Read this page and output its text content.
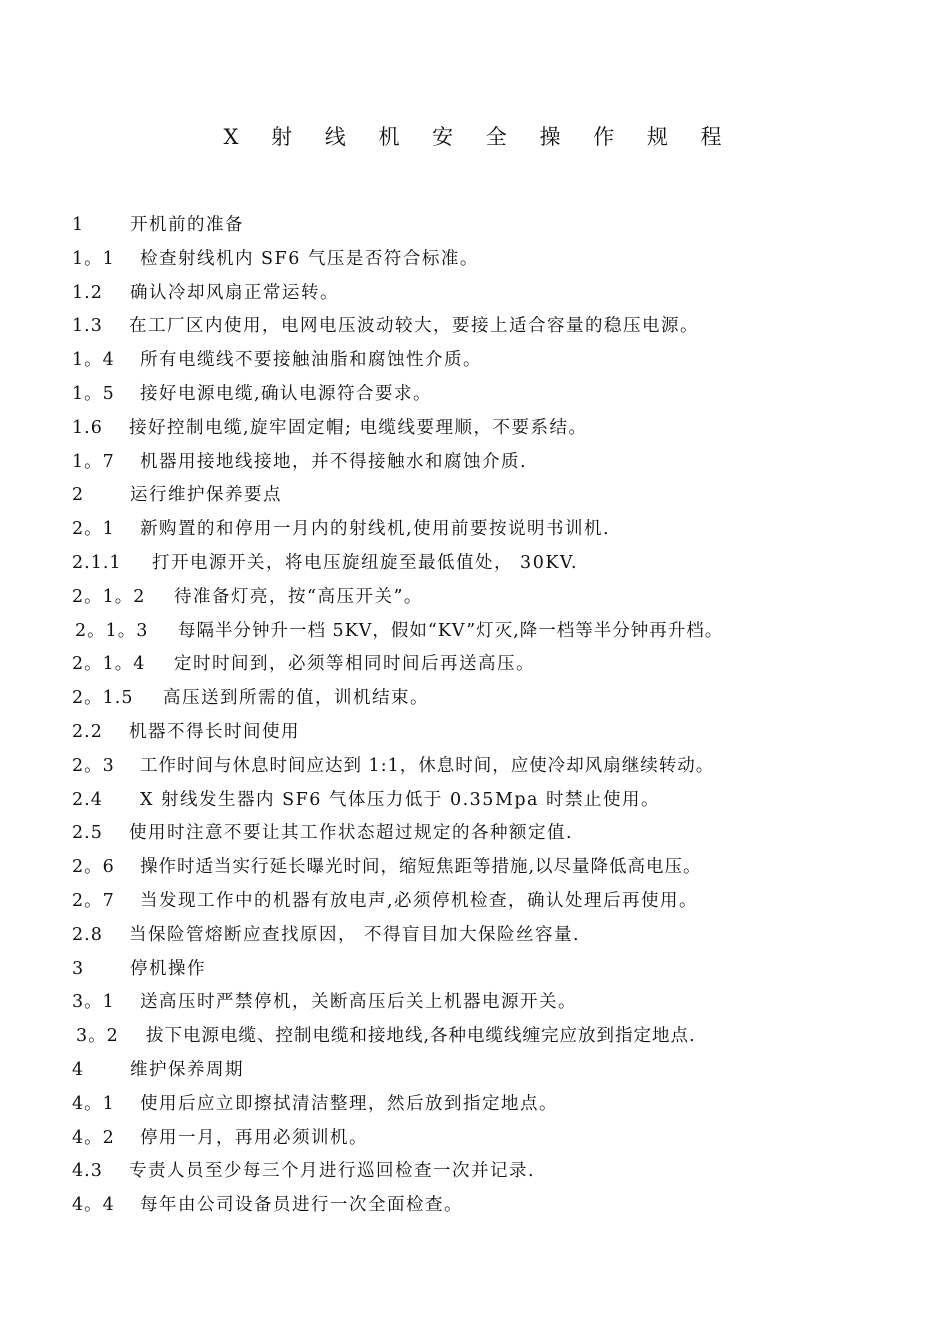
X 射 线 机 安 全 操 作 规 程
1	开机前的准备
1。1	检查射线机内 SF6 气压是否符合标准。
1.2	确认冷却风扇正常运转。
1.3	在工厂区内使用，电网电压波动较大，要接上适合容量的稳压电源。
1。4	所有电缆线不要接触油脂和腐蚀性介质。
1。5	接好电源电缆,确认电源符合要求。
1.6	接好控制电缆,旋牢固定帽; 电缆线要理顺，不要系结。
1。7	机器用接地线接地，并不得接触水和腐蚀介质.
2	运行维护保养要点
2。1	新购置的和停用一月内的射线机,使用前要按说明书训机.
2.1.1	打开电源开关，将电压旋纽旋至最低值处， 30KV.
2。1。2	待准备灯亮，按“高压开关”。
2。1。3	每隔半分钟升一档 5KV，假如“KV”灯灭,降一档等半分钟再升档。
2。1。4	定时时间到，必须等相同时间后再送高压。
2。1.5	高压送到所需的值，训机结束。
2.2	机器不得长时间使用
2。3	工作时间与休息时间应达到 1:1，休息时间，应使冷却风扇继续转动。
2.4	X 射线发生器内 SF6 气体压力低于 0.35Mpa 时禁止使用。
2.5	使用时注意不要让其工作状态超过规定的各种额定值.
2。6	操作时适当实行延长曝光时间，缩短焦距等措施,以尽量降低高电压。
2。7	当发现工作中的机器有放电声,必须停机检查，确认处理后再使用。
2.8	当保险管熔断应查找原因， 不得盲目加大保险丝容量.
3	停机操作
3。1	送高压时严禁停机，关断高压后关上机器电源开关。
3。2	拔下电源电缆、控制电缆和接地线,各种电缆线缠完应放到指定地点.
4	维护保养周期
4。1	使用后应立即擦拭清洁整理，然后放到指定地点。
4。2	停用一月，再用必须训机。
4.3	专责人员至少每三个月进行巡回检查一次并记录.
4。4	每年由公司设备员进行一次全面检查。
